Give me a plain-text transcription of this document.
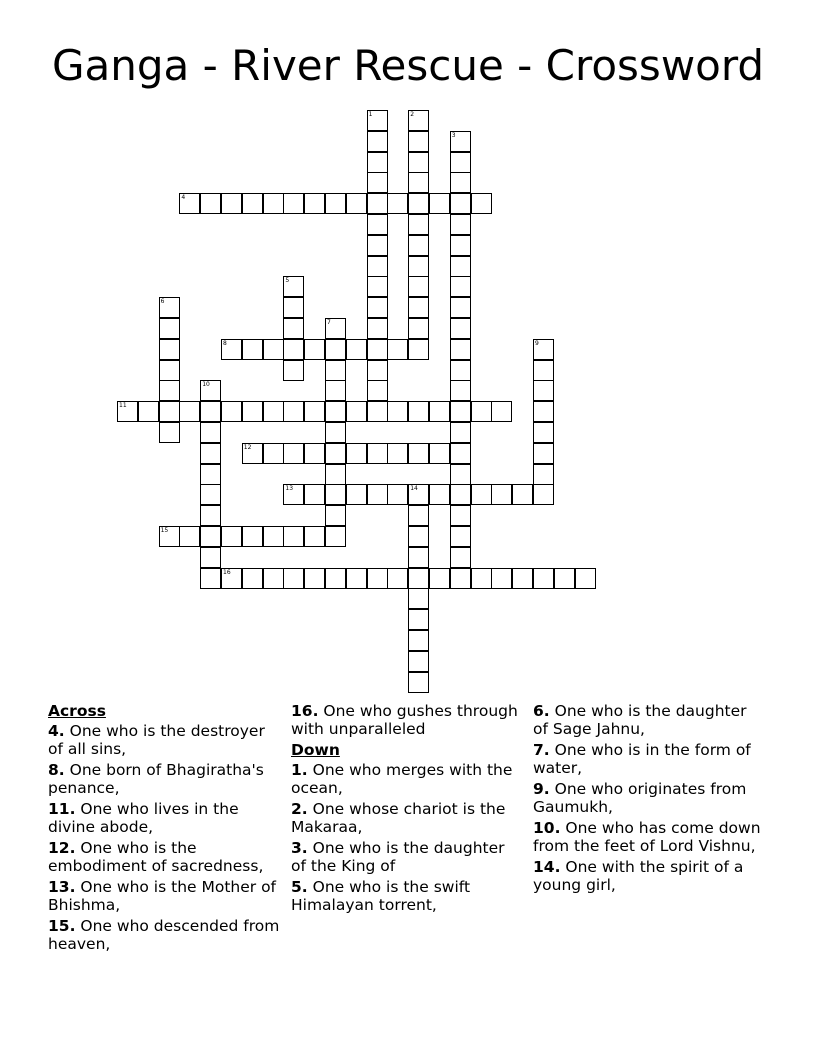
Ganga - River Rescue - Crossword
1	2
3
4
5
6
7
8	9
10
11
12
13	14
15
16
Across
4. One who is the destroyer of all sins,
8. One born of Bhagiratha's penance,
11. One who lives in the divine abode,
12. One who is the embodiment of sacredness,
13. One who is the Mother of Bhishma,
15. One who descended from heaven,
16. One who gushes through with unparalleled
Down
1. One who merges with the ocean,
2. One whose chariot is the Makaraa,
3. One who is the daughter of the King of
5. One who is the swift Himalayan torrent,
6. One who is the daughter of Sage Jahnu,
7. One who is in the form of water,
9. One who originates from Gaumukh,
10. One who has come down from the feet of Lord Vishnu,
14. One with the spirit of a young girl,
